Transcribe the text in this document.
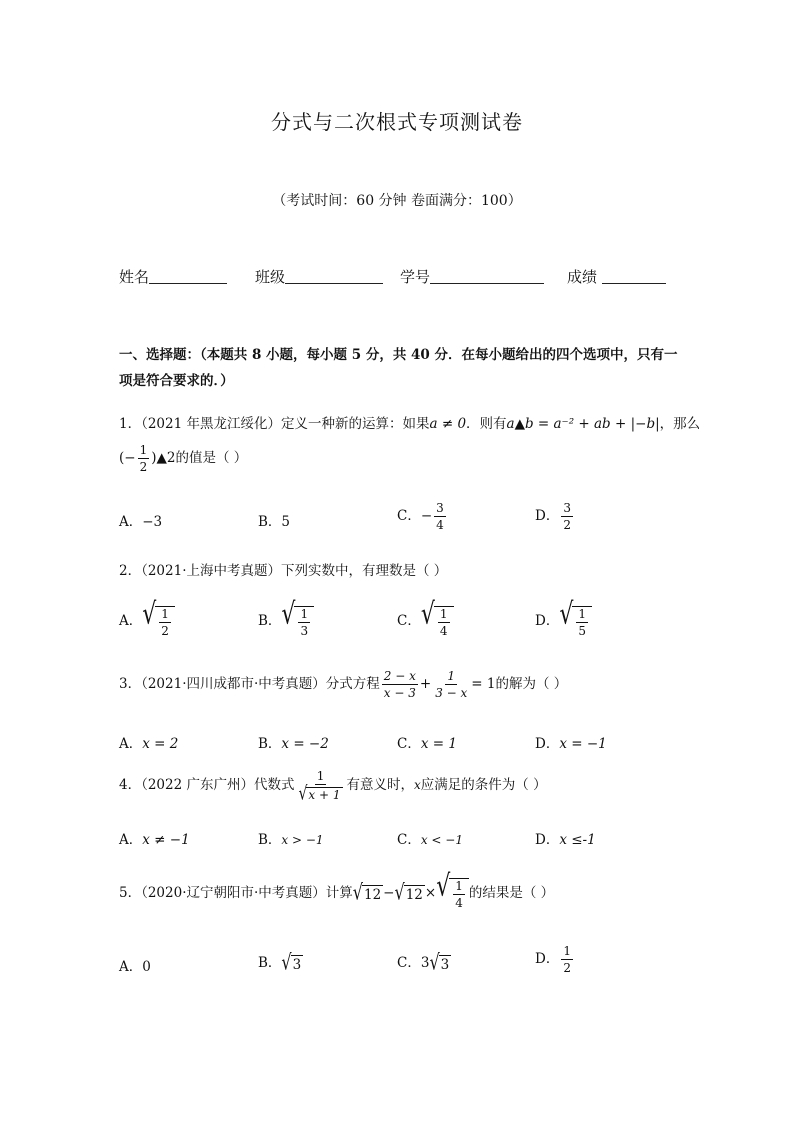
分式与二次根式专项测试卷
（考试时间：60 分钟 卷面满分：100）
姓名	班级	学号	成绩
一、选择题：（本题共 8 小题，每小题 5 分，共 40 分．在每小题给出的四个选项中，只有一项是符合要求的．）
1．（2021 年黑龙江绥化）定义一种新的运算：如果a ≠ 0．则有a▲b = a⁻² + ab + |−b|，那么
(− $\frac{1}{2}$ )▲2的值是（ ）
A．−3	B．5	C．− $\frac{3}{4}$	D． $\frac{3}{2}$
2．（2021·上海中考真题）下列实数中，有理数是（ ）
A． √ $\frac{1}{2}$	B． √ $\frac{1}{3}$	C． √ $\frac{1}{4}$	D． √ $\frac{1}{5}$
3．（2021·四川成都市·中考真题）分式方程 $\frac{2 - x}{x - 3} + \frac{1}{3 - x} = 1$的解为（ ）
A．x = 2	B．x = −2	C．x = 1	D．x = −1
4．（2022 广东广州）代数式 $\frac{1}{√ x + 1}$ 有意义时，x应满足的条件为（ ）
A．x ≠ −1	B．x > −1	C．x < −1	D．x ≤-1
5．（2020·辽宁朝阳市·中考真题）计算 √ 12 − √ 12 × √ $\frac{1}{4}$ 的结果是（ ）
A．0	B． √ 3	C．3 √ 3	D． $\frac{1}{2}$
